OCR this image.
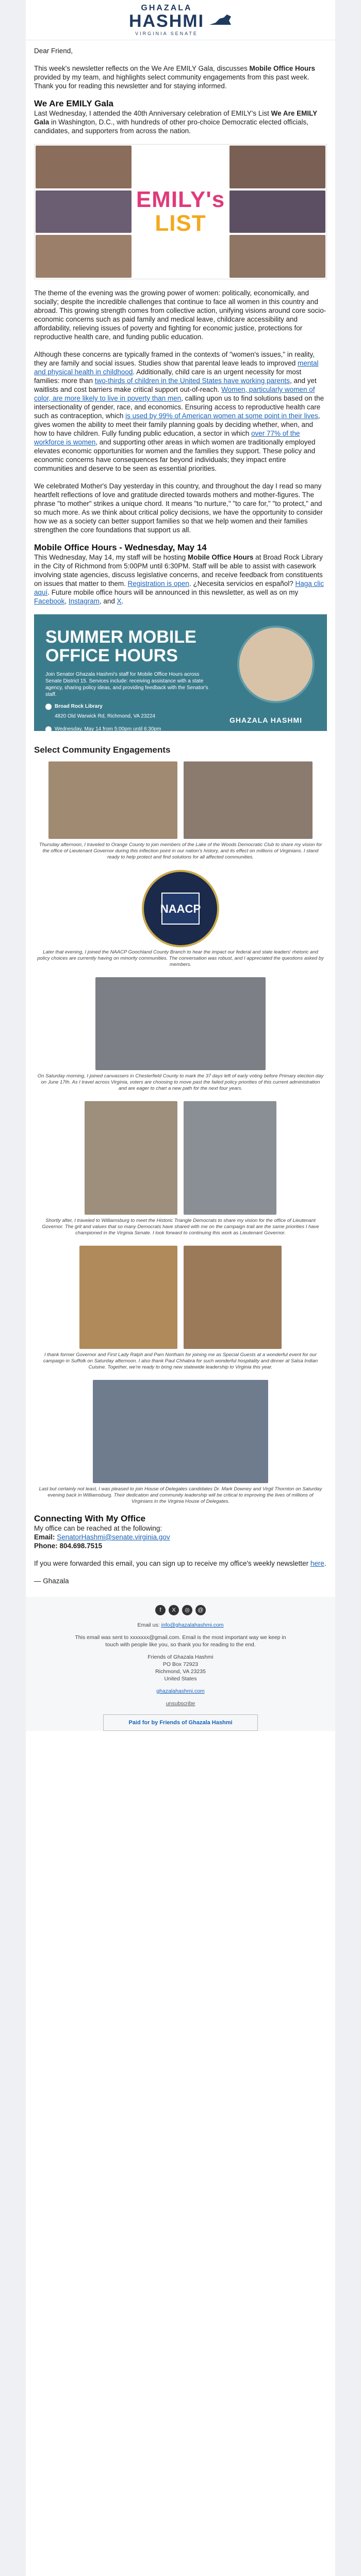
GHAZALA
HASHMI
VIRGINIA SENATE

Dear Friend,

This week's newsletter reflects on the We Are EMILY Gala, discusses Mobile Office Hours provided by my team, and highlights select community engagements from this past week. Thank you for reading this newsletter and for staying informed.

We Are EMILY Gala

Last Wednesday, I attended the 40th Anniversary celebration of EMILY's List We Are EMILY Gala in Washington, D.C., with hundreds of other pro-choice Democratic elected officials, candidates, and supporters from across the nation.

EMILY's
LIST

The theme of the evening was the growing power of women: politically, economically, and socially; despite the incredible challenges that continue to face all women in this country and abroad. This growing strength comes from collective action, unifying visions around core socio-economic concerns such as paid family and medical leave, childcare accessibility and affordability, relieving issues of poverty and fighting for economic justice, protections for reproductive health care, and funding public education.

Although these concerns are typically framed in the contexts of "women's issues," in reality, they are family and social issues. Studies show that parental leave leads to improved mental and physical health in childhood. Additionally, child care is an urgent necessity for most families: more than two-thirds of children in the United States have working parents, and yet waitlists and cost barriers make critical support out-of-reach. Women, particularly women of color, are more likely to live in poverty than men, calling upon us to find solutions based on the intersectionality of gender, race, and economics. Ensuring access to reproductive health care such as contraception, which is used by 99% of American women at some point in their lives, gives women the ability to meet their family planning goals by deciding whether, when, and how to have children. Fully funding public education, a sector in which over 77% of the workforce is women, and supporting other areas in which women are traditionally employed elevates economic opportunities for women and the families they support. These policy and economic concerns have consequences far beyond individuals; they impact entire communities and deserve to be seen as essential priorities.

We celebrated Mother's Day yesterday in this country, and throughout the day I read so many heartfelt reflections of love and gratitude directed towards mothers and mother-figures. The phrase "to mother" strikes a unique chord. It means "to nurture," "to care for," "to protect," and so much more. As we think about critical policy decisions, we have the opportunity to consider how we as a society can better support families so that we help women and their families strengthen the core foundations that support us all.

Mobile Office Hours - Wednesday, May 14

This Wednesday, May 14, my staff will be hosting Mobile Office Hours at Broad Rock Library in the City of Richmond from 5:00PM until 6:30PM. Staff will be able to assist with casework involving state agencies, discuss legislative concerns, and receive feedback from constituents on issues that matter to them. Registration is open. ¿Necesita servicios en español? Haga clic aquí. Future mobile office hours will be announced in this newsletter, as well as on my Facebook, Instagram, and X.

SUMMER MOBILE OFFICE HOURS
Join Senator Ghazala Hashmi's staff for Mobile Office Hours across Senate District 15. Services include: receiving assistance with a state agency, sharing policy ideas, and providing feedback with the Senator's staff.
Broad Rock Library
4820 Old Warwick Rd, Richmond, VA 23224
Wednesday, May 14 from 5:00pm until 6:30pm
Register to join us: bit.ly/SD15MobileOfficeHours
GHAZALA HASHMI
Select Community Engagements
Thursday afternoon, I traveled to Orange County to join members of the Lake of the Woods Democratic Club to share my vision for the office of Lieutenant Governor during this inflection point in our nation's history, and its effect on millions of Virginians. I stand ready to help protect and find solutions for all affected communities.
NAACP
Later that evening, I joined the NAACP Goochland County Branch to hear the impact our federal and state leaders' rhetoric and policy choices are currently having on minority communities. The conversation was robust, and I appreciated the questions asked by members.
On Saturday morning, I joined canvassers in Chesterfield County to mark the 37 days left of early voting before Primary election day on June 17th. As I travel across Virginia, voters are choosing to move past the failed policy priorities of this current administration and are eager to chart a new path for the next four years.
Shortly after, I traveled to Williamsburg to meet the Historic Triangle Democrats to share my vision for the office of Lieutenant Governor. The grit and values that so many Democrats have shared with me on the campaign trail are the same priorities I have championed in the Virginia Senate. I look forward to continuing this work as Lieutenant Governor.
I thank former Governor and First Lady Ralph and Pam Northam for joining me as Special Guests at a wonderful event for our campaign in Suffolk on Saturday afternoon. I also thank Paul Chhabra for such wonderful hospitality and dinner at Salsa Indian Cuisine. Together, we're ready to bring new statewide leadership to Virginia this year.
Last but certainly not least, I was pleased to join House of Delegates candidates Dr. Mark Downey and Virgil Thornton on Saturday evening back in Williamsburg. Their dedication and community leadership will be critical to improving the lives of millions of Virginians in the Virginia House of Delegates.
Connecting With My Office

My office can be reached at the following:

Email: SenatorHashmi@senate.virginia.gov

Phone: 804.698.7515

If you were forwarded this email, you can sign up to receive my office's weekly newsletter here.

— Ghazala

f	X	◎	@

Email us: info@ghazalahashmi.com

This email was sent to xxxxxxx@gmail.com. Email is the most important way we keep in touch with people like you, so thank you for reading to the end.

Friends of Ghazala Hashmi
PO Box 72923
Richmond, VA 23235
United States
ghazalahashmi.com
unsubscribe
Paid for by Friends of Ghazala Hashmi
